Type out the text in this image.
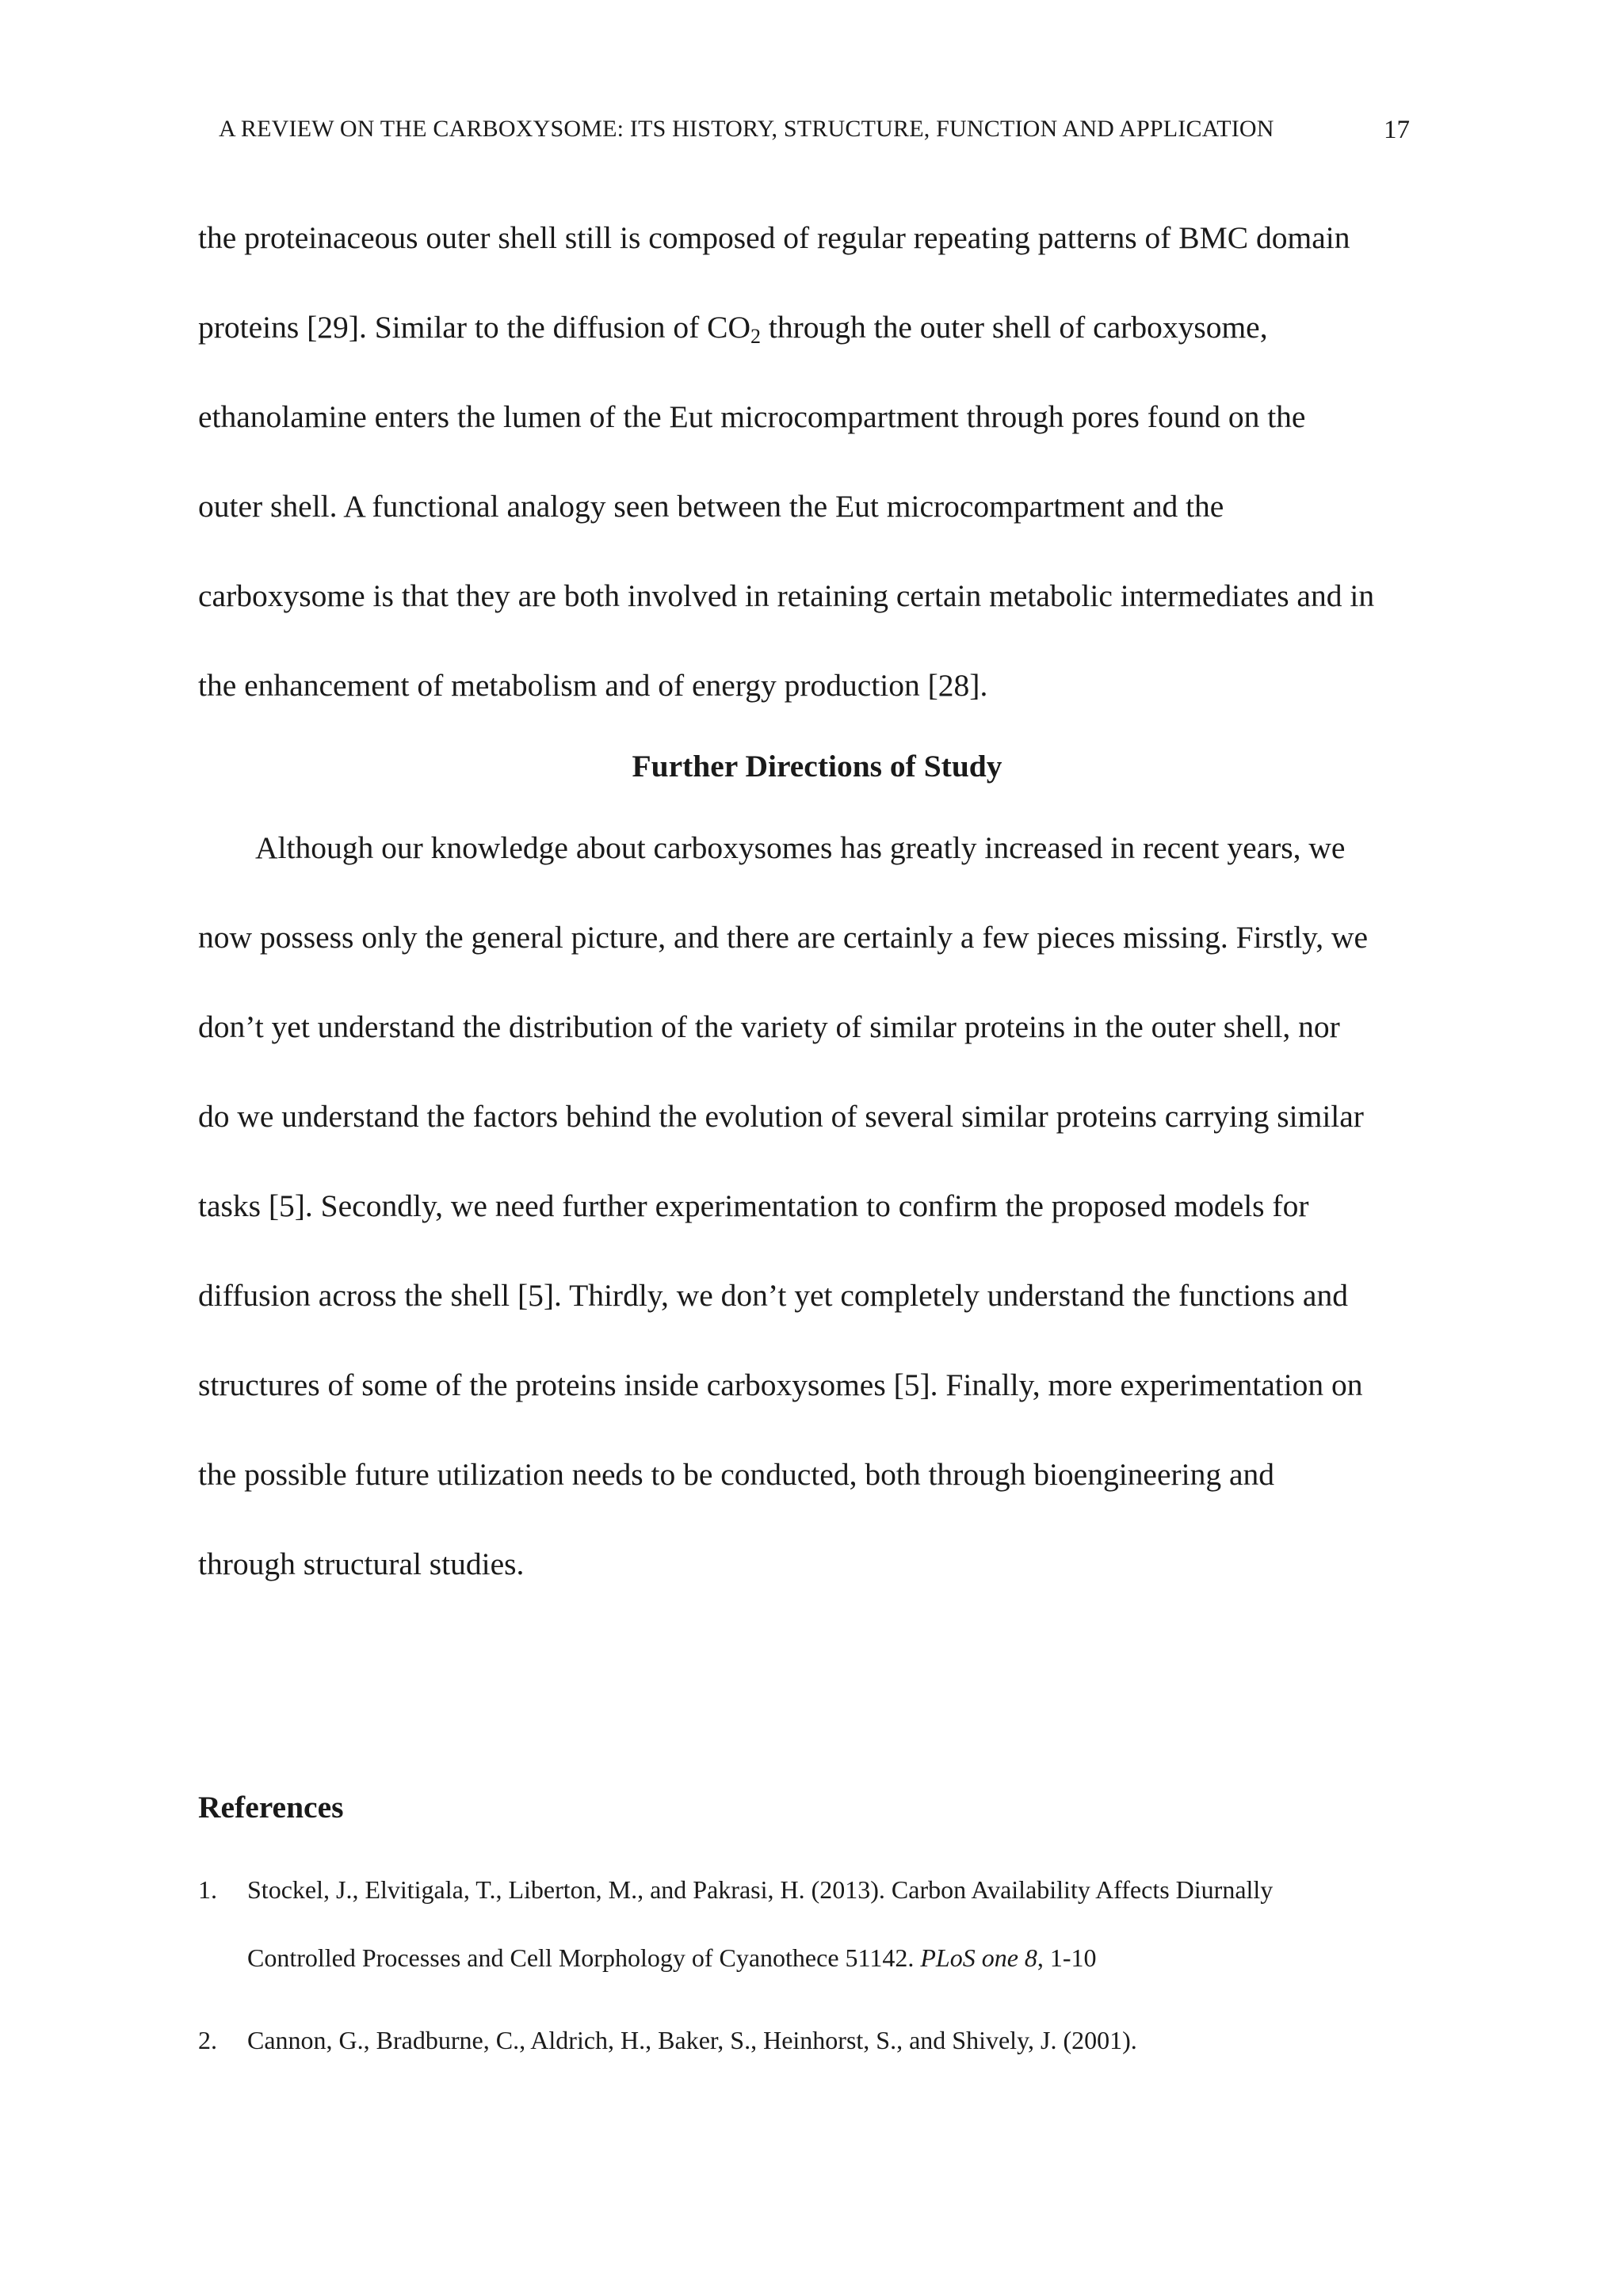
A REVIEW ON THE CARBOXYSOME: ITS HISTORY, STRUCTURE, FUNCTION AND APPLICATION	17
the proteinaceous outer shell still is composed of regular repeating patterns of BMC domain
proteins [29]. Similar to the diffusion of $CO_2$ through the outer shell of carboxysome,
ethanolamine enters the lumen of the Eut microcompartment through pores found on the
outer shell. A functional analogy seen between the Eut microcompartment and the
carboxysome is that they are both involved in retaining certain metabolic intermediates and in
the enhancement of metabolism and of energy production [28].
Further Directions of Study
Although our knowledge about carboxysomes has greatly increased in recent years, we
now possess only the general picture, and there are certainly a few pieces missing. Firstly, we
don’t yet understand the distribution of the variety of similar proteins in the outer shell, nor
do we understand the factors behind the evolution of several similar proteins carrying similar
tasks [5]. Secondly, we need further experimentation to confirm the proposed models for
diffusion across the shell [5]. Thirdly, we don’t yet completely understand the functions and
structures of some of the proteins inside carboxysomes [5]. Finally, more experimentation on
the possible future utilization needs to be conducted, both through bioengineering and
through structural studies.
References
1. Stockel, J., Elvitigala, T., Liberton, M., and Pakrasi, H. (2013). Carbon Availability Affects Diurnally
Controlled Processes and Cell Morphology of Cyanothece 51142. PLoS one 8, 1-10
2. Cannon, G., Bradburne, C., Aldrich, H., Baker, S., Heinhorst, S., and Shively, J. (2001).
